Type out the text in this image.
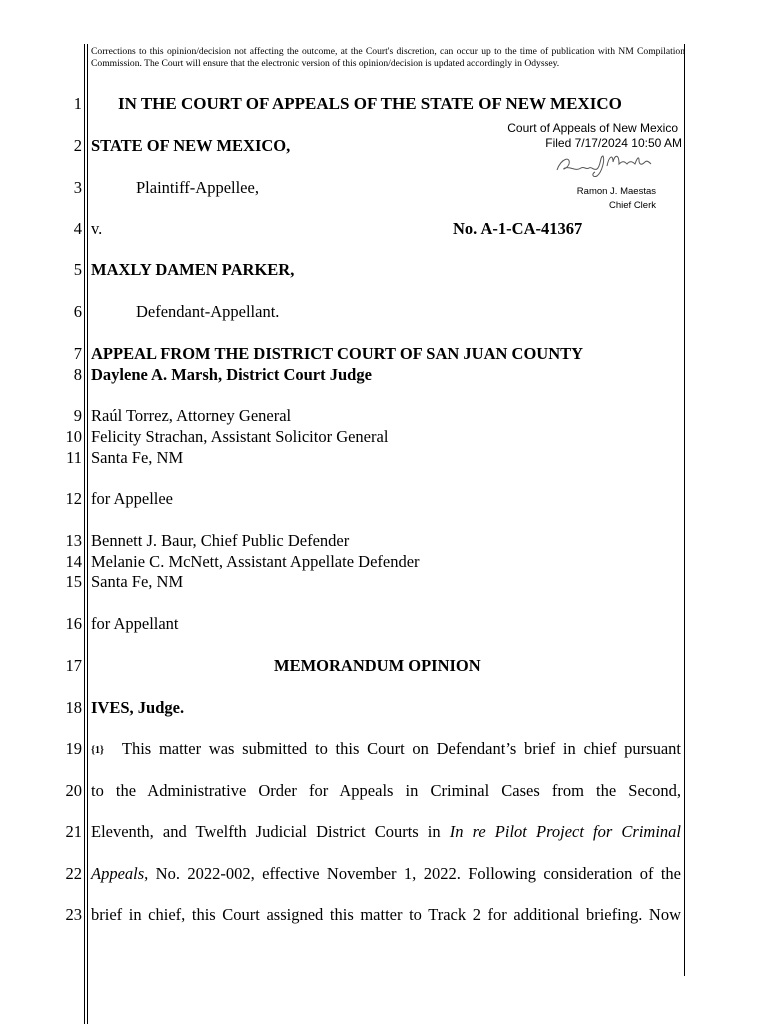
Corrections to this opinion/decision not affecting the outcome, at the Court's discretion, can occur up to the time of publication with NM Compilation Commission. The Court will ensure that the electronic version of this opinion/decision is updated accordingly in Odyssey.
1
2
3
4
5
6
7
8
9
10
11
12
13
14
15
16
17
18
19
20
21
22
23
IN THE COURT OF APPEALS OF THE STATE OF NEW MEXICO
Court of Appeals of New Mexico
Filed 7/17/2024 10:50 AM
Ramon J. Maestas
Chief Clerk
STATE OF NEW MEXICO,
Plaintiff-Appellee,
v.	No. A-1-CA-41367
MAXLY DAMEN PARKER,
Defendant-Appellant.
APPEAL FROM THE DISTRICT COURT OF SAN JUAN COUNTY
Daylene A. Marsh, District Court Judge
Raúl Torrez, Attorney General
Felicity Strachan, Assistant Solicitor General
Santa Fe, NM
for Appellee
Bennett J. Baur, Chief Public Defender
Melanie C. McNett, Assistant Appellate Defender
Santa Fe, NM
for Appellant
MEMORANDUM OPINION
IVES, Judge.
{1} This matter was submitted to this Court on Defendant’s brief in chief pursuant
to the Administrative Order for Appeals in Criminal Cases from the Second,
Eleventh, and Twelfth Judicial District Courts in In re Pilot Project for Criminal
Appeals, No. 2022-002, effective November 1, 2022. Following consideration of the
brief in chief, this Court assigned this matter to Track 2 for additional briefing. Now
